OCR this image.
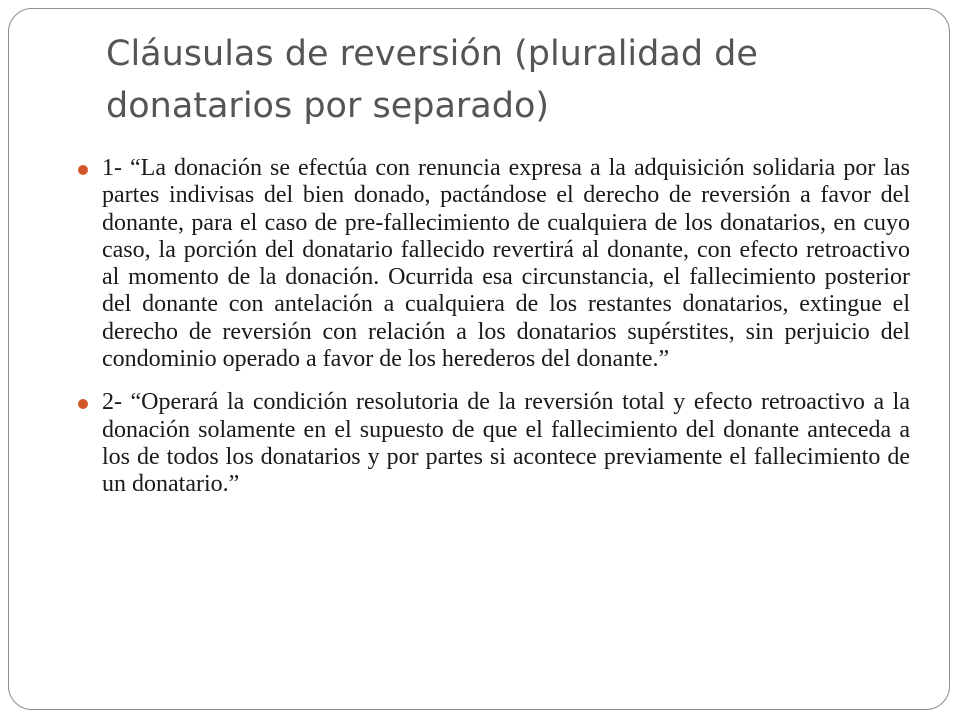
Cláusulas de reversión (pluralidad de donatarios por separado)
1- “La donación se efectúa con renuncia expresa a la adquisición solidaria por las partes indivisas del bien donado, pactándose el derecho de reversión a favor del donante, para el caso de pre-fallecimiento de cualquiera de los donatarios, en cuyo caso, la porción del donatario fallecido revertirá al donante, con efecto retroactivo al momento de la donación. Ocurrida esa circunstancia, el fallecimiento posterior del donante con antelación a cualquiera de los restantes donatarios, extingue el derecho de reversión con relación a los donatarios supérstites, sin perjuicio del condominio operado a favor de los herederos del donante.”
2- “Operará la condición resolutoria de la reversión total y efecto retroactivo a la donación solamente en el supuesto de que el fallecimiento del donante anteceda a los de todos los donatarios y por partes si acontece previamente el fallecimiento de un donatario.”
